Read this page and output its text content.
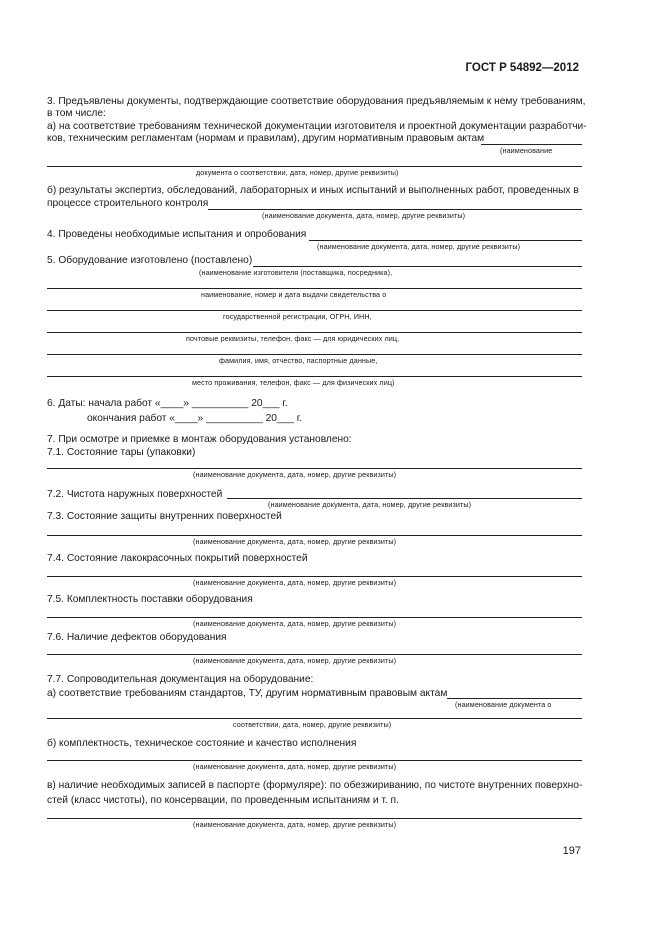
ГОСТ Р 54892—2012
3. Предъявлены документы, подтверждающие соответствие оборудования предъявляемым к нему требованиям,
в том числе:
а) на соответствие требованиям технической документации изготовителя и проектной документации разработчи-
ков, техническим регламентам (нормам и правилам), другим нормативным правовым актам
(наименование
документа о соответствии, дата, номер, другие реквизиты)
б) результаты экспертиз, обследований, лабораторных и иных испытаний и выполненных работ, проведенных в
процессе строительного контроля
(наименование документа, дата, номер, другие реквизиты)
4. Проведены необходимые испытания и опробования
(наименование документа, дата, номер, другие реквизиты)
5. Оборудование изготовлено (поставлено)
(наименование изготовителя (поставщика, посредника),
наименование, номер и дата выдачи свидетельства о
государственной регистрации, ОГРН, ИНН,
почтовые реквизиты, телефон, факс — для юридических лиц,
фамилия, имя, отчество, паспортные данные,
место проживания, телефон, факс — для физических лиц)
6. Даты: начала работ «____» __________ 20___ г.
окончания работ «____» __________ 20___ г.
7. При осмотре и приемке в монтаж оборудования установлено:
7.1. Состояние тары (упаковки)
(наименование документа, дата, номер, другие реквизиты)
7.2. Чистота наружных поверхностей
(наименование документа, дата, номер, другие реквизиты)
7.3. Состояние защиты внутренних поверхностей
(наименование документа, дата, номер, другие реквизиты)
7.4. Состояние лакокрасочных покрытий поверхностей
(наименование документа, дата, номер, другие реквизиты)
7.5. Комплектность поставки оборудования
(наименование документа, дата, номер, другие реквизиты)
7.6. Наличие дефектов оборудования
(наименование документа, дата, номер, другие реквизиты)
7.7. Сопроводительная документация на оборудование:
а) соответствие требованиям стандартов, ТУ, другим нормативным правовым актам
(наименование документа о
соответствии, дата, номер, другие реквизиты)
б) комплектность, техническое состояние и качество исполнения
(наименование документа, дата, номер, другие реквизиты)
в) наличие необходимых записей в паспорте (формуляре): по обезжириванию, по чистоте внутренних поверхно-
стей (класс чистоты), по консервации, по проведенным испытаниям и т. п.
(наименование документа, дата, номер, другие реквизиты)
197
